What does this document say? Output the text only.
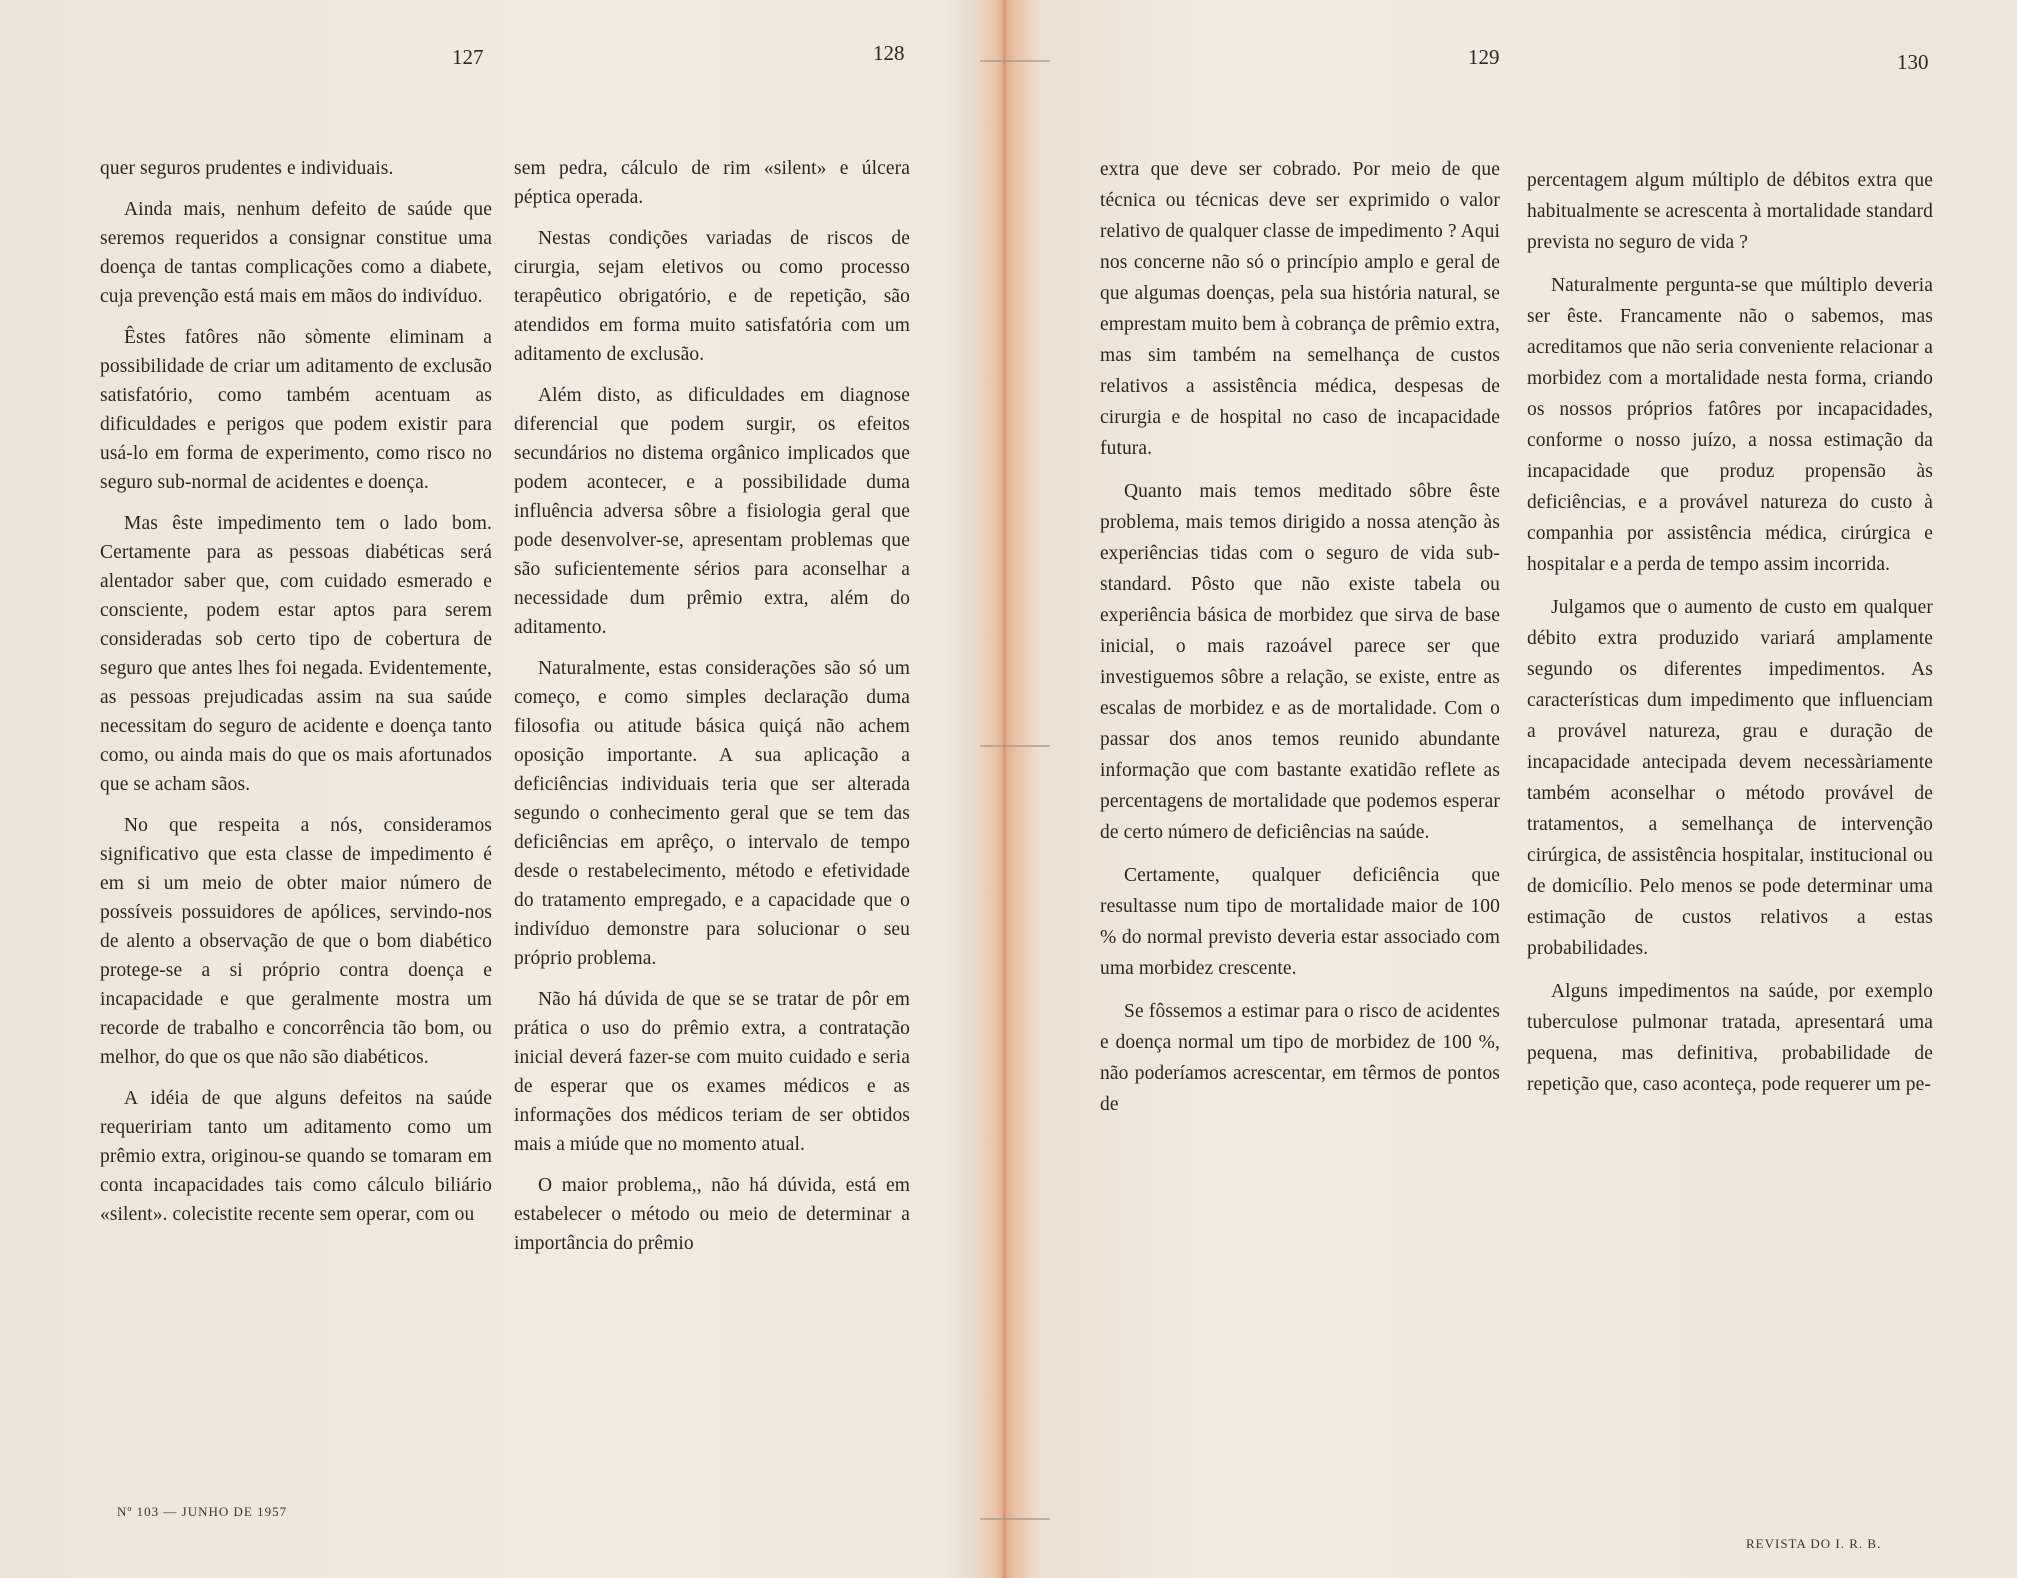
127	128	129	130

quer seguros prudentes e individuais.

Ainda mais, nenhum defeito de saúde que seremos requeridos a consignar constitue uma doença de tantas complicações como a diabete, cuja prevenção está mais em mãos do indivíduo.

Êstes fatôres não sòmente eliminam a possibilidade de criar um aditamento de exclusão satisfatório, como também acentuam as dificuldades e perigos que podem existir para usá-lo em forma de experimento, como risco no seguro sub-normal de acidentes e doença.

Mas êste impedimento tem o lado bom. Certamente para as pessoas diabéticas será alentador saber que, com cuidado esmerado e consciente, podem estar aptos para serem consideradas sob certo tipo de cobertura de seguro que antes lhes foi negada. Evidentemente, as pessoas prejudicadas assim na sua saúde necessitam do seguro de acidente e doença tanto como, ou ainda mais do que os mais afortunados que se acham sãos.

No que respeita a nós, consideramos significativo que esta classe de impedimento é em si um meio de obter maior número de possíveis possuidores de apólices, servindo-nos de alento a observação de que o bom diabético protege-se a si próprio contra doença e incapacidade e que geralmente mostra um recorde de trabalho e concorrência tão bom, ou melhor, do que os que não são diabéticos.

A idéia de que alguns defeitos na saúde requeririam tanto um aditamento como um prêmio extra, originou-se quando se tomaram em conta incapacidades tais como cálculo biliário «silent». colecistite recente sem operar, com ou

sem pedra, cálculo de rim «silent» e úlcera péptica operada.

Nestas condições variadas de riscos de cirurgia, sejam eletivos ou como processo terapêutico obrigatório, e de repetição, são atendidos em forma muito satisfatória com um aditamento de exclusão.

Além disto, as dificuldades em diagnose diferencial que podem surgir, os efeitos secundários no distema orgânico implicados que podem acontecer, e a possibilidade duma influência adversa sôbre a fisiologia geral que pode desenvolver-se, apresentam problemas que são suficientemente sérios para aconselhar a necessidade dum prêmio extra, além do aditamento.

Naturalmente, estas considerações são só um começo, e como simples declaração duma filosofia ou atitude básica quiçá não achem oposição importante. A sua aplicação a deficiências individuais teria que ser alterada segundo o conhecimento geral que se tem das deficiências em aprêço, o intervalo de tempo desde o restabelecimento, método e efetividade do tratamento empregado, e a capacidade que o indivíduo demonstre para solucionar o seu próprio problema.

Não há dúvida de que se se tratar de pôr em prática o uso do prêmio extra, a contratação inicial deverá fazer-se com muito cuidado e seria de esperar que os exames médicos e as informações dos médicos teriam de ser obtidos mais a miúde que no momento atual.

O maior problema,, não há dúvida, está em estabelecer o método ou meio de determinar a importância do prêmio

extra que deve ser cobrado. Por meio de que técnica ou técnicas deve ser exprimido o valor relativo de qualquer classe de impedimento ? Aqui nos concerne não só o princípio amplo e geral de que algumas doenças, pela sua história natural, se emprestam muito bem à cobrança de prêmio extra, mas sim também na semelhança de custos relativos a assistência médica, despesas de cirurgia e de hospital no caso de incapacidade futura.

Quanto mais temos meditado sôbre êste problema, mais temos dirigido a nossa atenção às experiências tidas com o seguro de vida sub-standard. Pôsto que não existe tabela ou experiência básica de morbidez que sirva de base inicial, o mais razoável parece ser que investiguemos sôbre a relação, se existe, entre as escalas de morbidez e as de mortalidade. Com o passar dos anos temos reunido abundante informação que com bastante exatidão reflete as percentagens de mortalidade que podemos esperar de certo número de deficiências na saúde.

Certamente, qualquer deficiência que resultasse num tipo de mortalidade maior de 100 % do normal previsto deveria estar associado com uma morbidez crescente.

Se fôssemos a estimar para o risco de acidentes e doença normal um tipo de morbidez de 100 %, não poderíamos acrescentar, em têrmos de pontos de

percentagem algum múltiplo de débitos extra que habitualmente se acrescenta à mortalidade standard prevista no seguro de vida ?

Naturalmente pergunta-se que múltiplo deveria ser êste. Francamente não o sabemos, mas acreditamos que não seria conveniente relacionar a morbidez com a mortalidade nesta forma, criando os nossos próprios fatôres por incapacidades, conforme o nosso juízo, a nossa estimação da incapacidade que produz propensão às deficiências, e a provável natureza do custo à companhia por assistência médica, cirúrgica e hospitalar e a perda de tempo assim incorrida.

Julgamos que o aumento de custo em qualquer débito extra produzido variará amplamente segundo os diferentes impedimentos. As características dum impedimento que influenciam a provável natureza, grau e duração de incapacidade antecipada devem necessàriamente também aconselhar o método provável de tratamentos, a semelhança de intervenção cirúrgica, de assistência hospitalar, institucional ou de domicílio. Pelo menos se pode determinar uma estimação de custos relativos a estas probabilidades.

Alguns impedimentos na saúde, por exemplo tuberculose pulmonar tratada, apresentará uma pequena, mas definitiva, probabilidade de repetição que, caso aconteça, pode requerer um pe-

Nº 103 — JUNHO DE 1957
REVISTA DO I. R. B.
